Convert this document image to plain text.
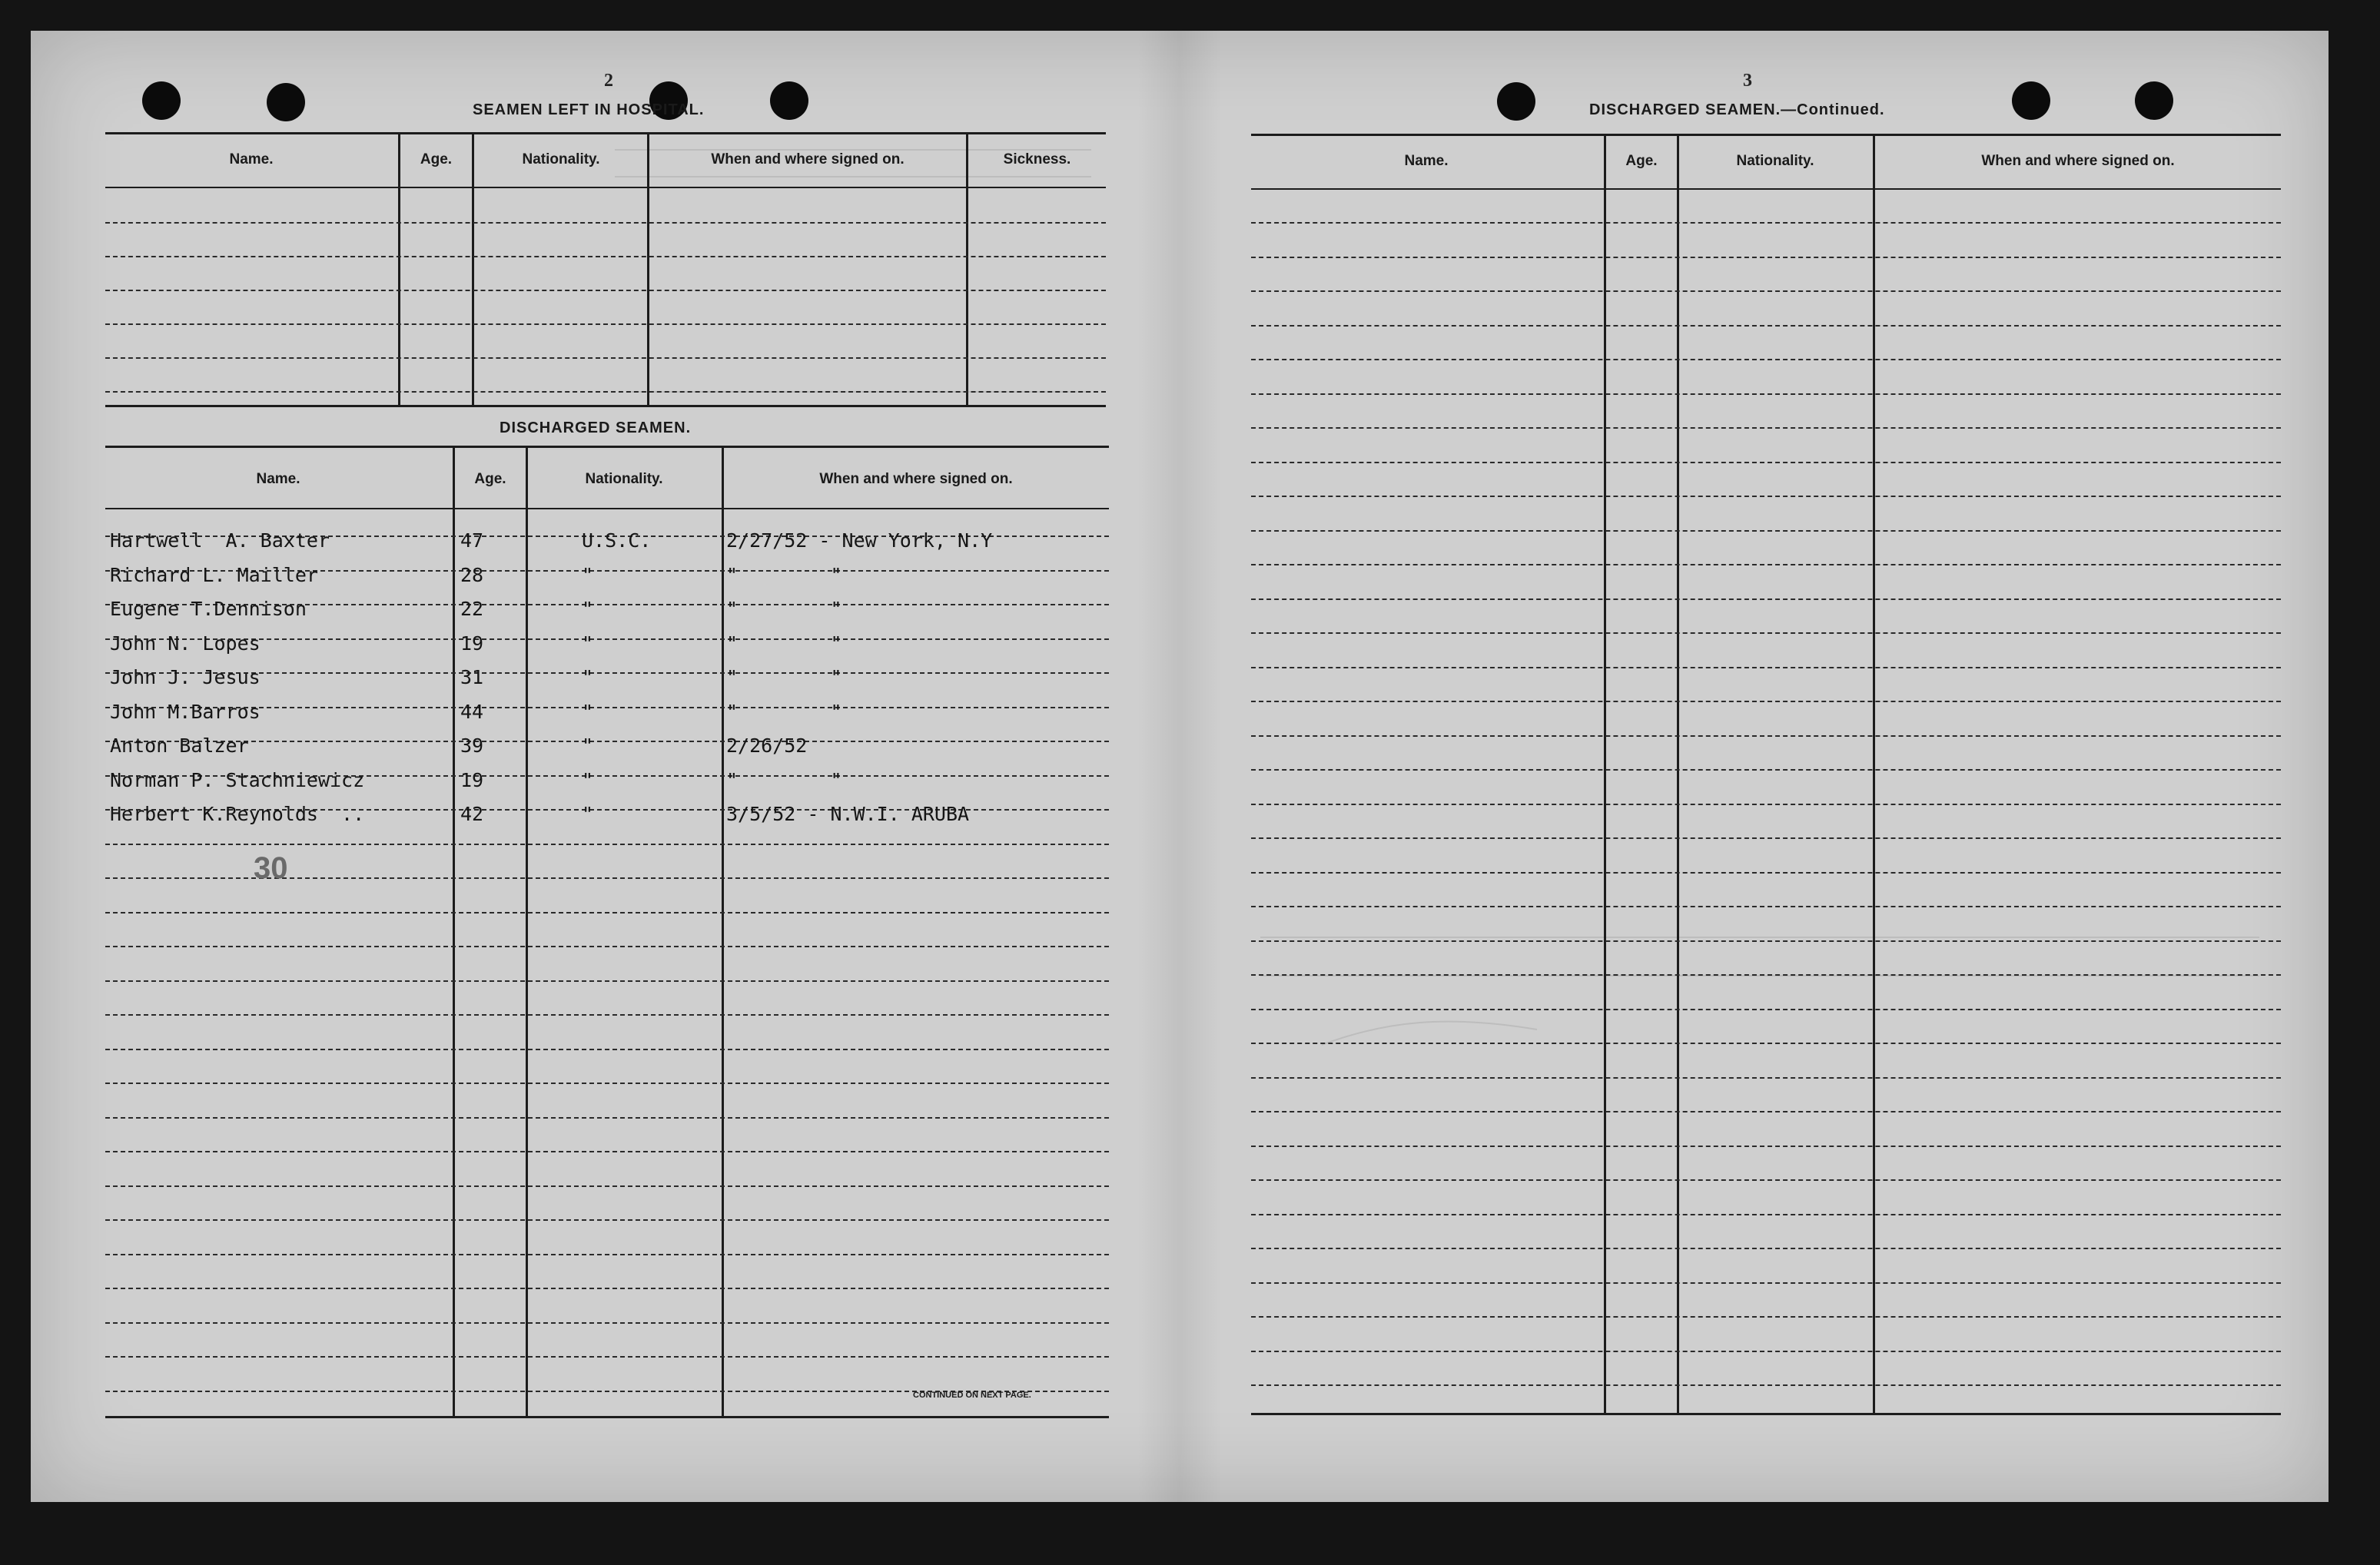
2
SEAMEN LEFT IN HOSPITAL.
Name.	Age.	Nationality.	When and where signed on.	Sickness.
DISCHARGED SEAMEN.
Name.	Age.	Nationality.	When and where signed on.
Hartwell  A. Baxter	47	U.S.C.	2/27/52 - New York, N.Y
Richard L. Mailler	28	"	"        "
Eugene T.Dennison	22	"	"        "
John N. Lopes	19	"	"        "
John J. Jesus	31	"	"        "
John M.Barros	44	"	"        "
Anton Balzer	39	"	2/26/52
Norman P. Stachniewicz	19	"	"        "
Herbert K.Reynolds  ..	42	"	3/5/52 - N.W.I. ARUBA
30
CONTINUED ON NEXT PAGE.
3
DISCHARGED SEAMEN.—Continued.
Name.	Age.	Nationality.	When and where signed on.
